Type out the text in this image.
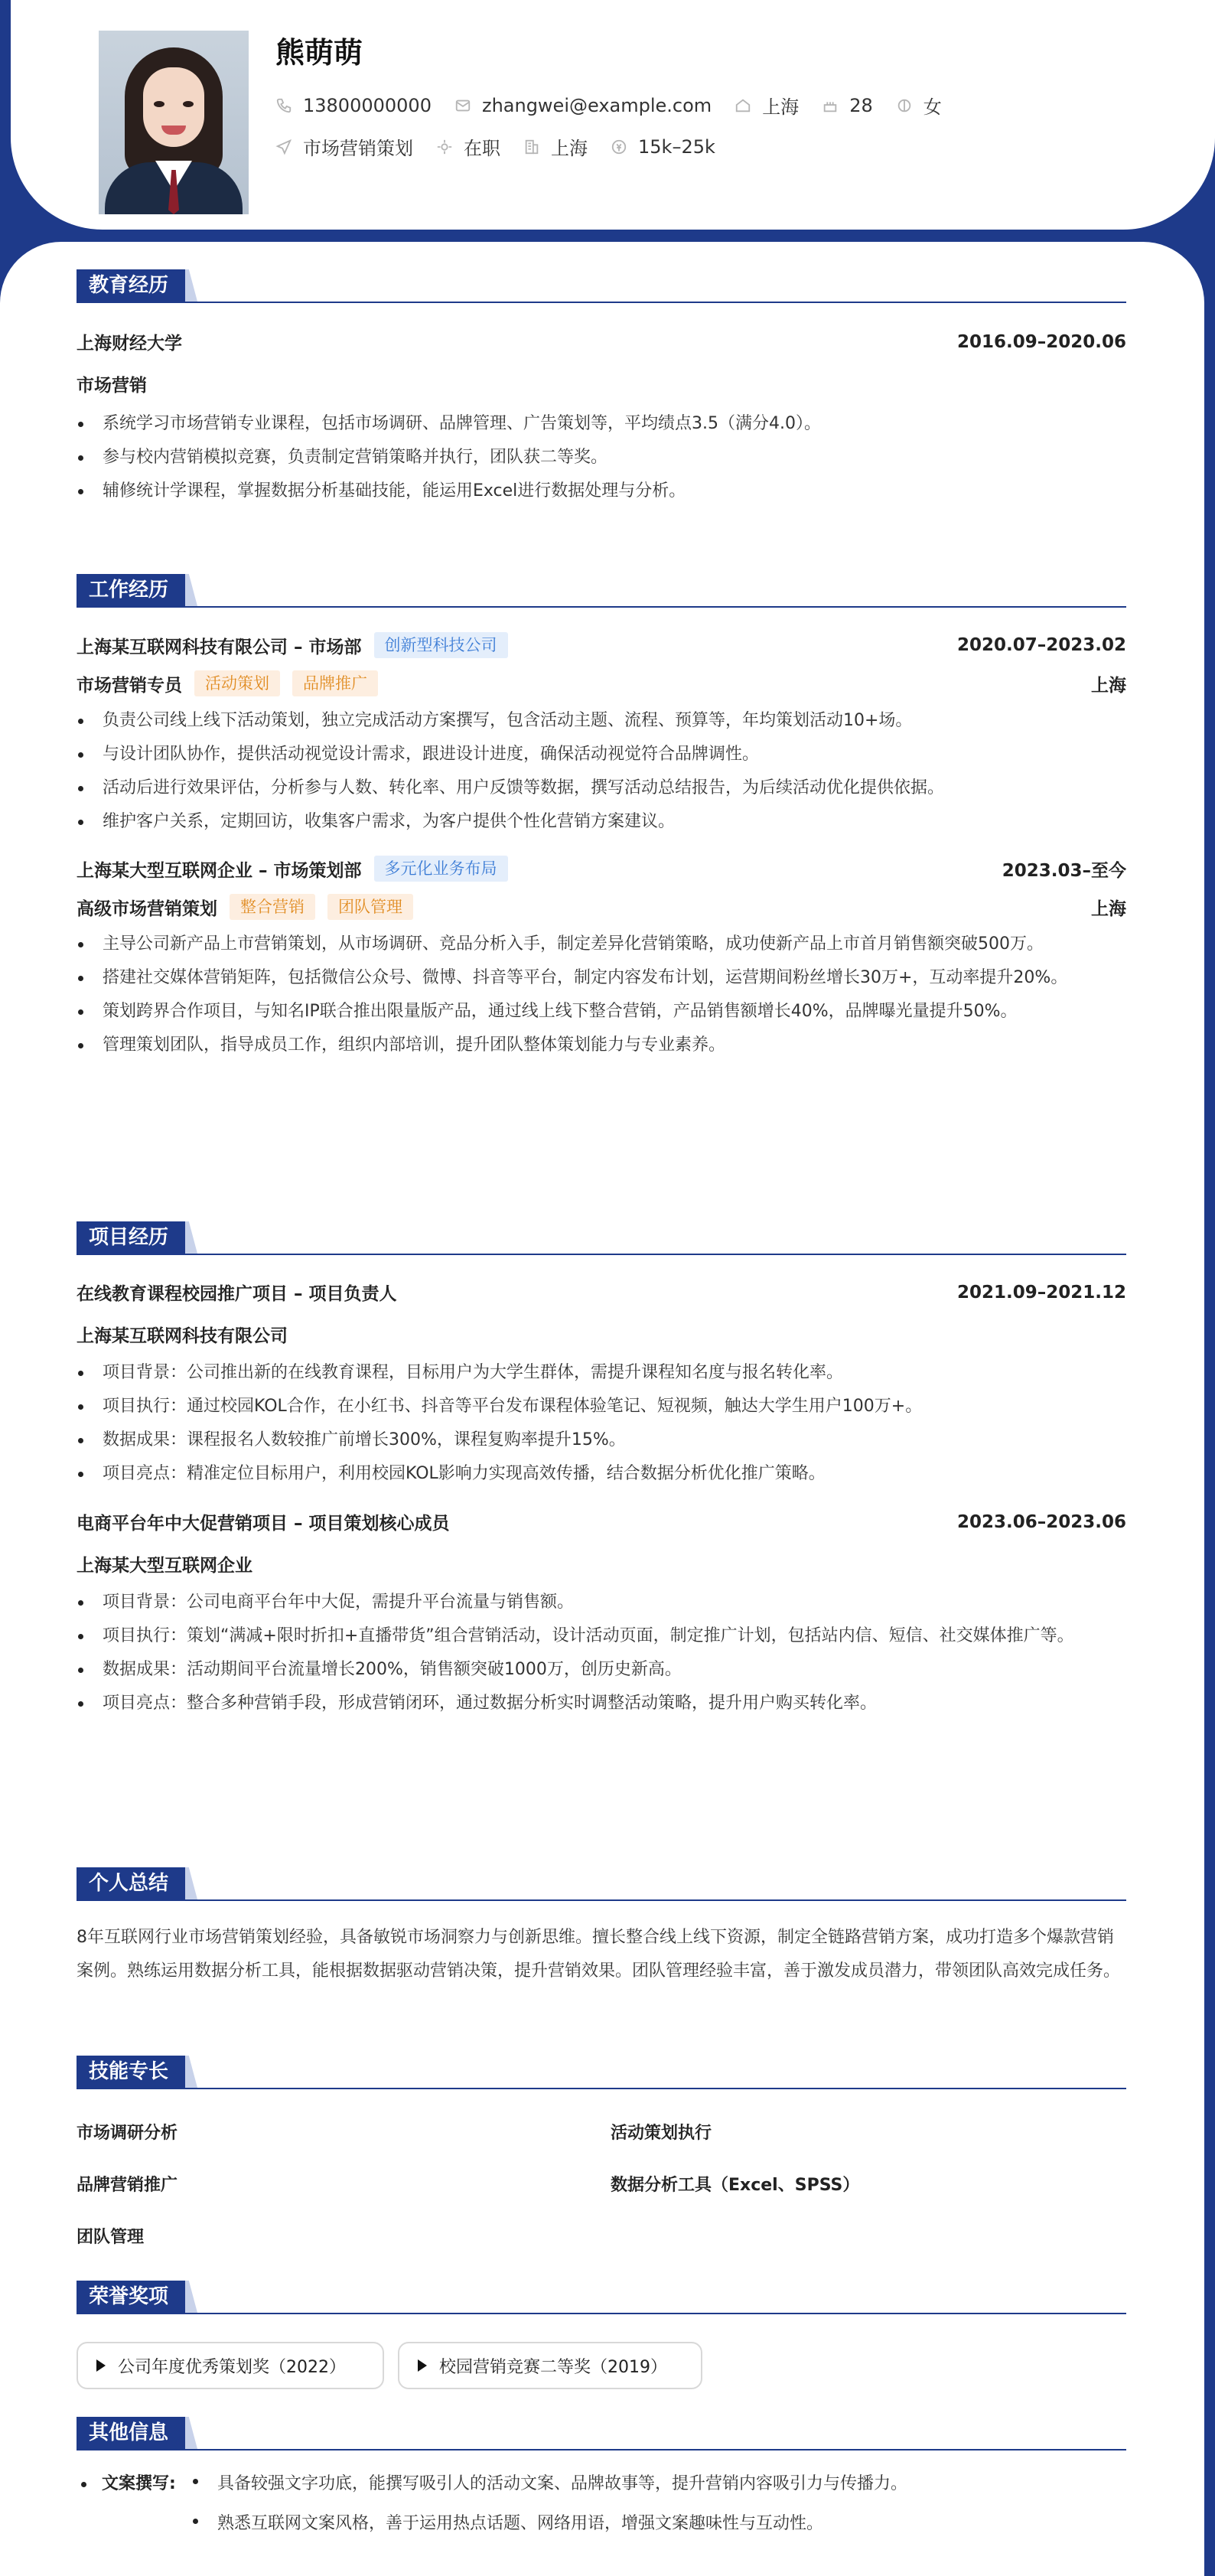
熊萌萌
13800000000	zhangwei@example.com	上海	28	女
市场营销策划	在职	上海	15k–25k
教育经历
上海财经大学	2016.09–2020.06
市场营销
系统学习市场营销专业课程，包括市场调研、品牌管理、广告策划等，平均绩点3.5（满分4.0）。
参与校内营销模拟竞赛，负责制定营销策略并执行，团队获二等奖。
辅修统计学课程，掌握数据分析基础技能，能运用Excel进行数据处理与分析。
工作经历
上海某互联网科技有限公司 – 市场部	创新型科技公司	2020.07–2023.02
市场营销专员	活动策划	品牌推广	上海
负责公司线上线下活动策划，独立完成活动方案撰写，包含活动主题、流程、预算等，年均策划活动10+场。
与设计团队协作，提供活动视觉设计需求，跟进设计进度，确保活动视觉符合品牌调性。
活动后进行效果评估，分析参与人数、转化率、用户反馈等数据，撰写活动总结报告，为后续活动优化提供依据。
维护客户关系，定期回访，收集客户需求，为客户提供个性化营销方案建议。
上海某大型互联网企业 – 市场策划部	多元化业务布局	2023.03–至今
高级市场营销策划	整合营销	团队管理	上海
主导公司新产品上市营销策划，从市场调研、竞品分析入手，制定差异化营销策略，成功使新产品上市首月销售额突破500万。
搭建社交媒体营销矩阵，包括微信公众号、微博、抖音等平台，制定内容发布计划，运营期间粉丝增长30万+，互动率提升20%。
策划跨界合作项目，与知名IP联合推出限量版产品，通过线上线下整合营销，产品销售额增长40%，品牌曝光量提升50%。
管理策划团队，指导成员工作，组织内部培训，提升团队整体策划能力与专业素养。
项目经历
在线教育课程校园推广项目 – 项目负责人	2021.09–2021.12
上海某互联网科技有限公司
项目背景：公司推出新的在线教育课程，目标用户为大学生群体，需提升课程知名度与报名转化率。
项目执行：通过校园KOL合作，在小红书、抖音等平台发布课程体验笔记、短视频，触达大学生用户100万+。
数据成果：课程报名人数较推广前增长300%，课程复购率提升15%。
项目亮点：精准定位目标用户，利用校园KOL影响力实现高效传播，结合数据分析优化推广策略。
电商平台年中大促营销项目 – 项目策划核心成员	2023.06–2023.06
上海某大型互联网企业
项目背景：公司电商平台年中大促，需提升平台流量与销售额。
项目执行：策划“满减+限时折扣+直播带货”组合营销活动，设计活动页面，制定推广计划，包括站内信、短信、社交媒体推广等。
数据成果：活动期间平台流量增长200%，销售额突破1000万，创历史新高。
项目亮点：整合多种营销手段，形成营销闭环，通过数据分析实时调整活动策略，提升用户购买转化率。
个人总结
8年互联网行业市场营销策划经验，具备敏锐市场洞察力与创新思维。擅长整合线上线下资源，制定全链路营销方案，成功打造多个爆款营销案例。熟练运用数据分析工具，能根据数据驱动营销决策，提升营销效果。团队管理经验丰富，善于激发成员潜力，带领团队高效完成任务。
技能专长
市场调研分析	活动策划执行
品牌营销推广	数据分析工具（Excel、SPSS）
团队管理
荣誉奖项
公司年度优秀策划奖（2022）	校园营销竞赛二等奖（2019）
其他信息
文案撰写:	具备较强文字功底，能撰写吸引人的活动文案、品牌故事等，提升营销内容吸引力与传播力。
熟悉互联网文案风格，善于运用热点话题、网络用语，增强文案趣味性与互动性。
